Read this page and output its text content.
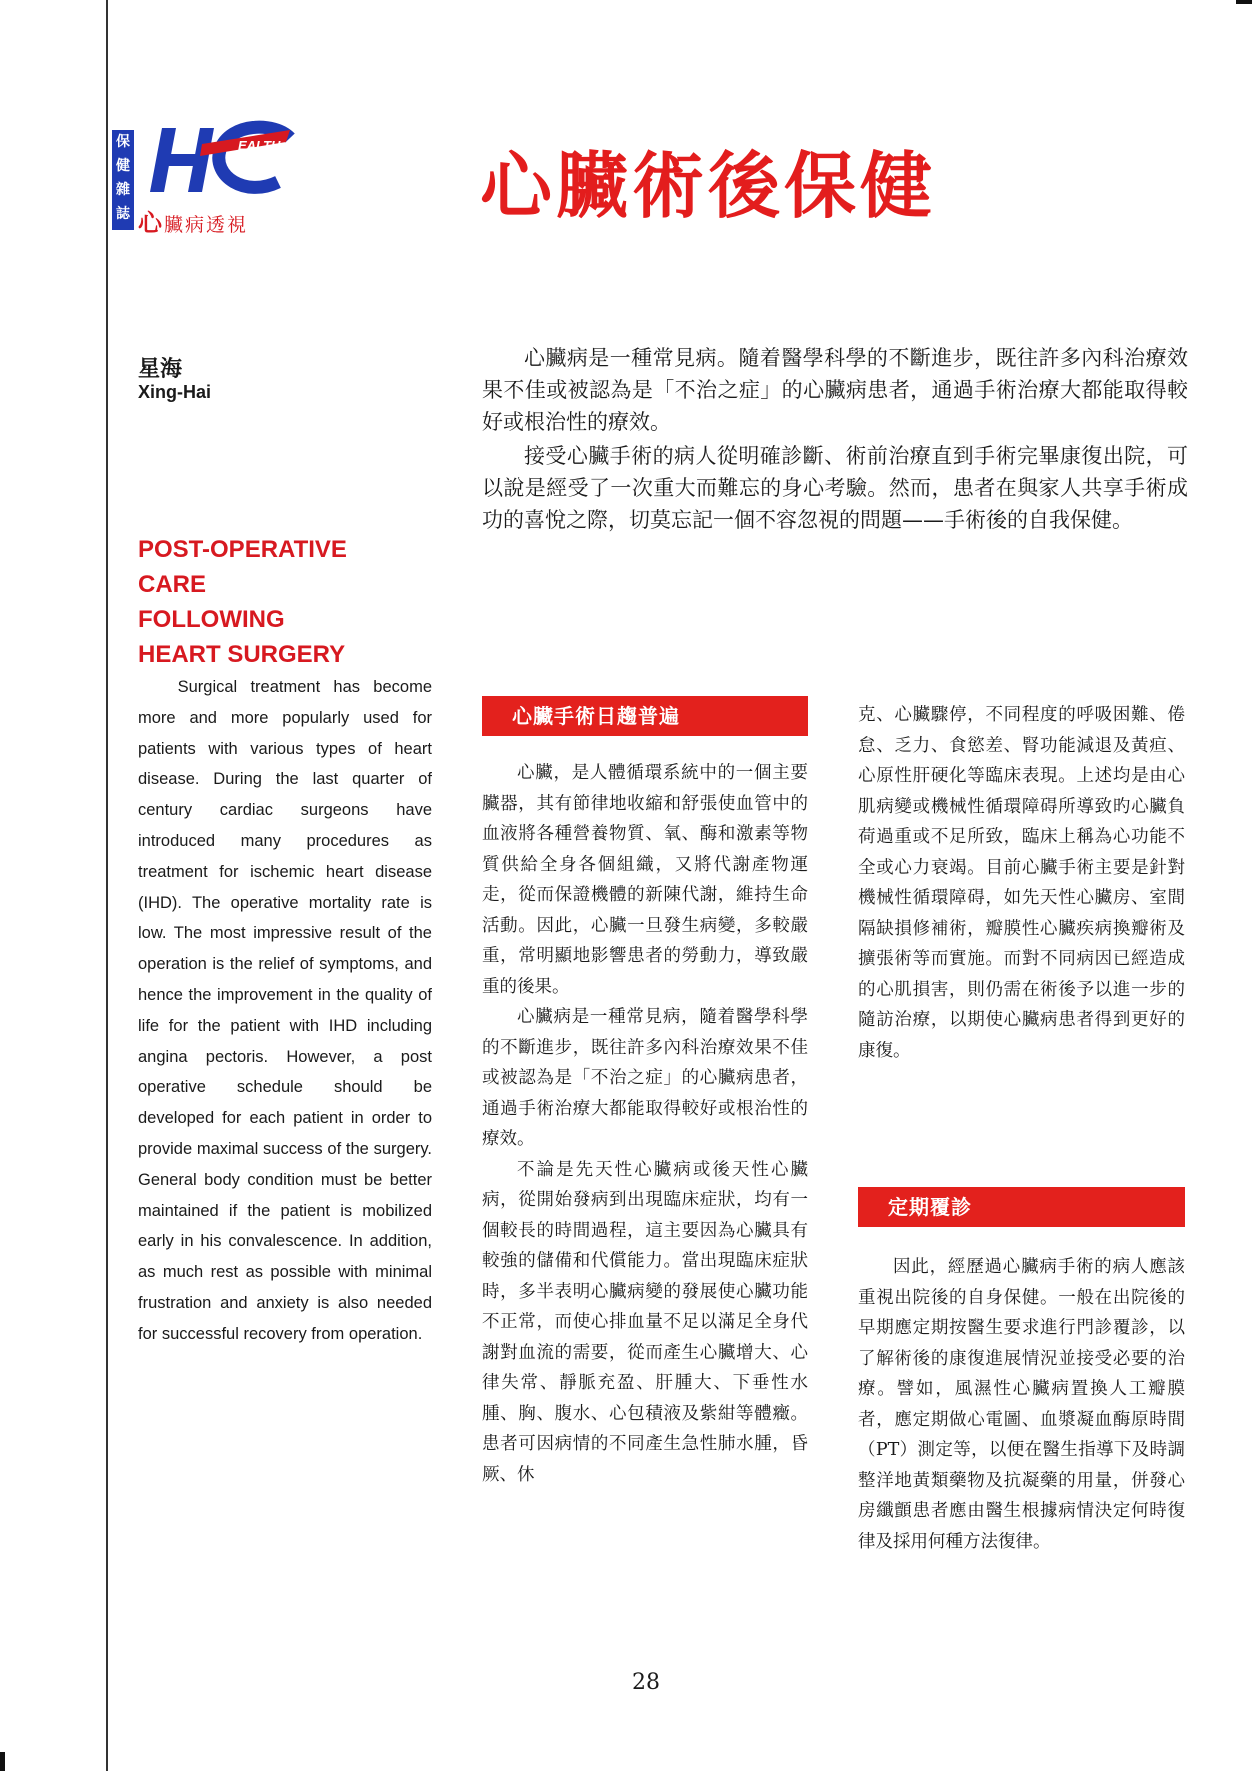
保
健
雜
誌
EALTH ARE
心臟病透視	心臟術後保健
星海
Xing-Hai

心臟病是一種常見病。隨着醫學科學的不斷進步，既往許多內科治療效果不佳或被認為是「不治之症」的心臟病患者，通過手術治療大都能取得較好或根治性的療效。

接受心臟手術的病人從明確診斷、術前治療直到手術完畢康復出院，可以說是經受了一次重大而難忘的身心考驗。然而，患者在與家人共享手術成功的喜悅之際，切莫忘記一個不容忽視的問題——手術後的自我保健。

POST-OPERATIVE
CARE FOLLOWING
HEART SURGERY

Surgical treatment has become more and more popularly used for patients with various types of heart disease. During the last quarter of century cardiac surgeons have introduced many procedures as treatment for ischemic heart disease (IHD). The operative mortality rate is low. The most impressive result of the operation is the relief of symptoms, and hence the improvement in the quality of life for the patient with IHD including angina pectoris. However, a post operative schedule should be developed for each patient in order to provide maximal success of the surgery. General body condition must be better maintained if the patient is mobilized early in his convalescence. In addition, as much rest as possible with minimal frustration and anxiety is also needed for successful recovery from operation.

心臟手術日趨普遍

心臟，是人體循環系統中的一個主要臟器，其有節律地收縮和舒張使血管中的血液將各種營養物質、氧、酶和激素等物質供給全身各個組織，又將代謝產物運走，從而保證機體的新陳代謝，維持生命活動。因此，心臟一旦發生病變，多較嚴重，常明顯地影響患者的勞動力，導致嚴重的後果。

心臟病是一種常見病，隨着醫學科學的不斷進步，既往許多內科治療效果不佳或被認為是「不治之症」的心臟病患者，通過手術治療大都能取得較好或根治性的療效。

不論是先天性心臟病或後天性心臟病，從開始發病到出現臨床症狀，均有一個較長的時間過程，這主要因為心臟具有較強的儲備和代償能力。當出現臨床症狀時，多半表明心臟病變的發展使心臟功能不正常，而使心排血量不足以滿足全身代謝對血流的需要，從而產生心臟增大、心律失常、靜脈充盈、肝腫大、下垂性水腫、胸、腹水、心包積液及紫紺等體癥。患者可因病情的不同產生急性肺水腫，昏厥、休

克、心臟驟停，不同程度的呼吸困難、倦怠、乏力、食慾差、腎功能減退及黃疸、心原性肝硬化等臨床表現。上述均是由心肌病變或機械性循環障碍所導致旳心臟負荷過重或不足所致，臨床上稱為心功能不全或心力衰竭。目前心臟手術主要是針對機械性循環障碍，如先天性心臟房、室間隔缺損修補術，瓣膜性心臟疾病換瓣術及擴張術等而實施。而對不同病因已經造成的心肌損害，則仍需在術後予以進一步的隨訪治療，以期使心臟病患者得到更好的康復。

定期覆診

因此，經歷過心臟病手術的病人應該重視出院後的自身保健。一般在出院後的早期應定期按醫生要求進行門診覆診，以了解術後的康復進展情況並接受必要的治療。譬如，風濕性心臟病置換人工瓣膜者，應定期做心電圖、血漿凝血酶原時間（PT）測定等，以便在醫生指導下及時調整洋地黃類藥物及抗凝藥的用量，併發心房纖顫患者應由醫生根據病情決定何時復律及採用何種方法復律。

28
